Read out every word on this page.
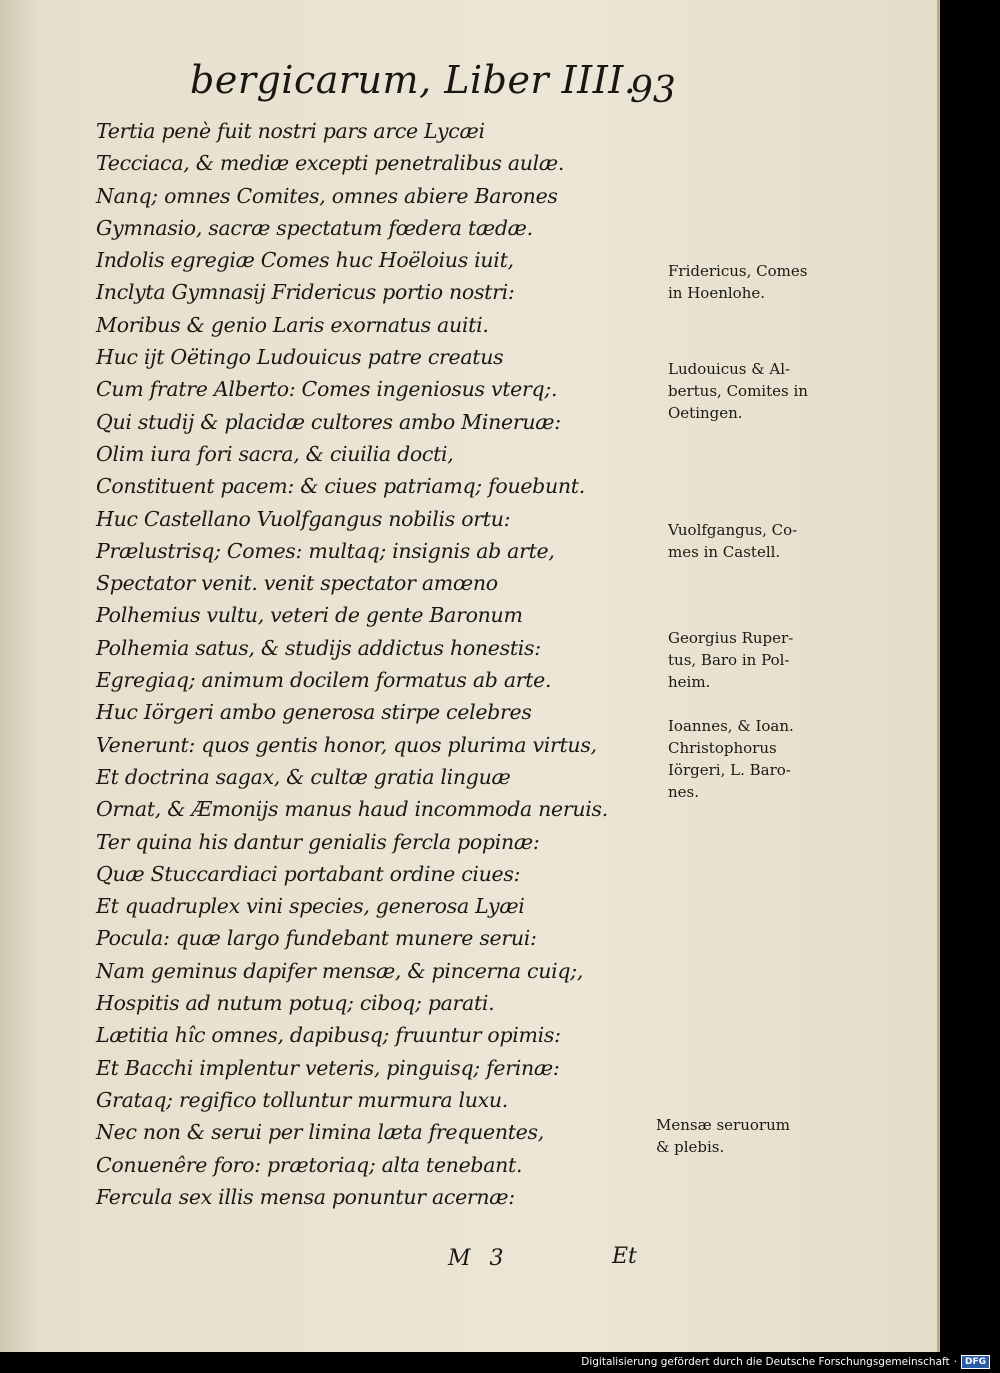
bergicarum, Liber IIII.
93
Tertia penè fuit nostri pars arce Lycæi
Tecciaca, & mediæ excepti penetralibus aulæ.
Nanq; omnes Comites, omnes abiere Barones
Gymnasio, sacræ spectatum fœdera tædæ.
Indolis egregiæ Comes huc Hoëloius iuit,
Inclyta Gymnasij Fridericus portio nostri:
Moribus & genio Laris exornatus auiti.
Huc ijt Oëtingo Ludouicus patre creatus
Cum fratre Alberto: Comes ingeniosus vterq;.
Qui studij & placidæ cultores ambo Mineruæ:
Olim iura fori sacra, & ciuilia docti,
Constituent pacem: & ciues patriamq; fouebunt.
Huc Castellano Vuolfgangus nobilis ortu:
Prælustrisq; Comes: multaq; insignis ab arte,
Spectator venit. venit spectator amœno
Polhemius vultu, veteri de gente Baronum
Polhemia satus, & studijs addictus honestis:
Egregiaq; animum docilem formatus ab arte.
Huc Iörgeri ambo generosa stirpe celebres
Venerunt: quos gentis honor, quos plurima virtus,
Et doctrina sagax, & cultæ gratia linguæ
Ornat, & Æmonijs manus haud incommoda neruis.
Ter quina his dantur genialis fercla popinæ:
Quæ Stuccardiaci portabant ordine ciues:
Et quadruplex vini species, generosa Lyæi
Pocula: quæ largo fundebant munere serui:
Nam geminus dapifer mensæ, & pincerna cuiq;,
Hospitis ad nutum potuq; ciboq; parati.
Lætitia hîc omnes, dapibusq; fruuntur opimis:
Et Bacchi implentur veteris, pinguisq; ferinæ:
Grataq; regifico tolluntur murmura luxu.
Nec non & serui per limina læta frequentes,
Conuenêre foro: prætoriaq; alta tenebant.
Fercula sex illis mensa ponuntur acernæ:
Fridericus, Comes
in Hoenlohe.
Ludouicus & Al-
bertus, Comites in
Oetingen.
Vuolfgangus, Co-
mes in Castell.
Georgius Ruper-
tus, Baro in Pol-
heim.
Ioannes, & Ioan.
Christophorus
Iörgeri, L. Baro-
nes.
Mensæ seruorum
& plebis.
M 3	Et
Digitalisierung gefördert durch die Deutsche Forschungsgemeinschaft · DFG
